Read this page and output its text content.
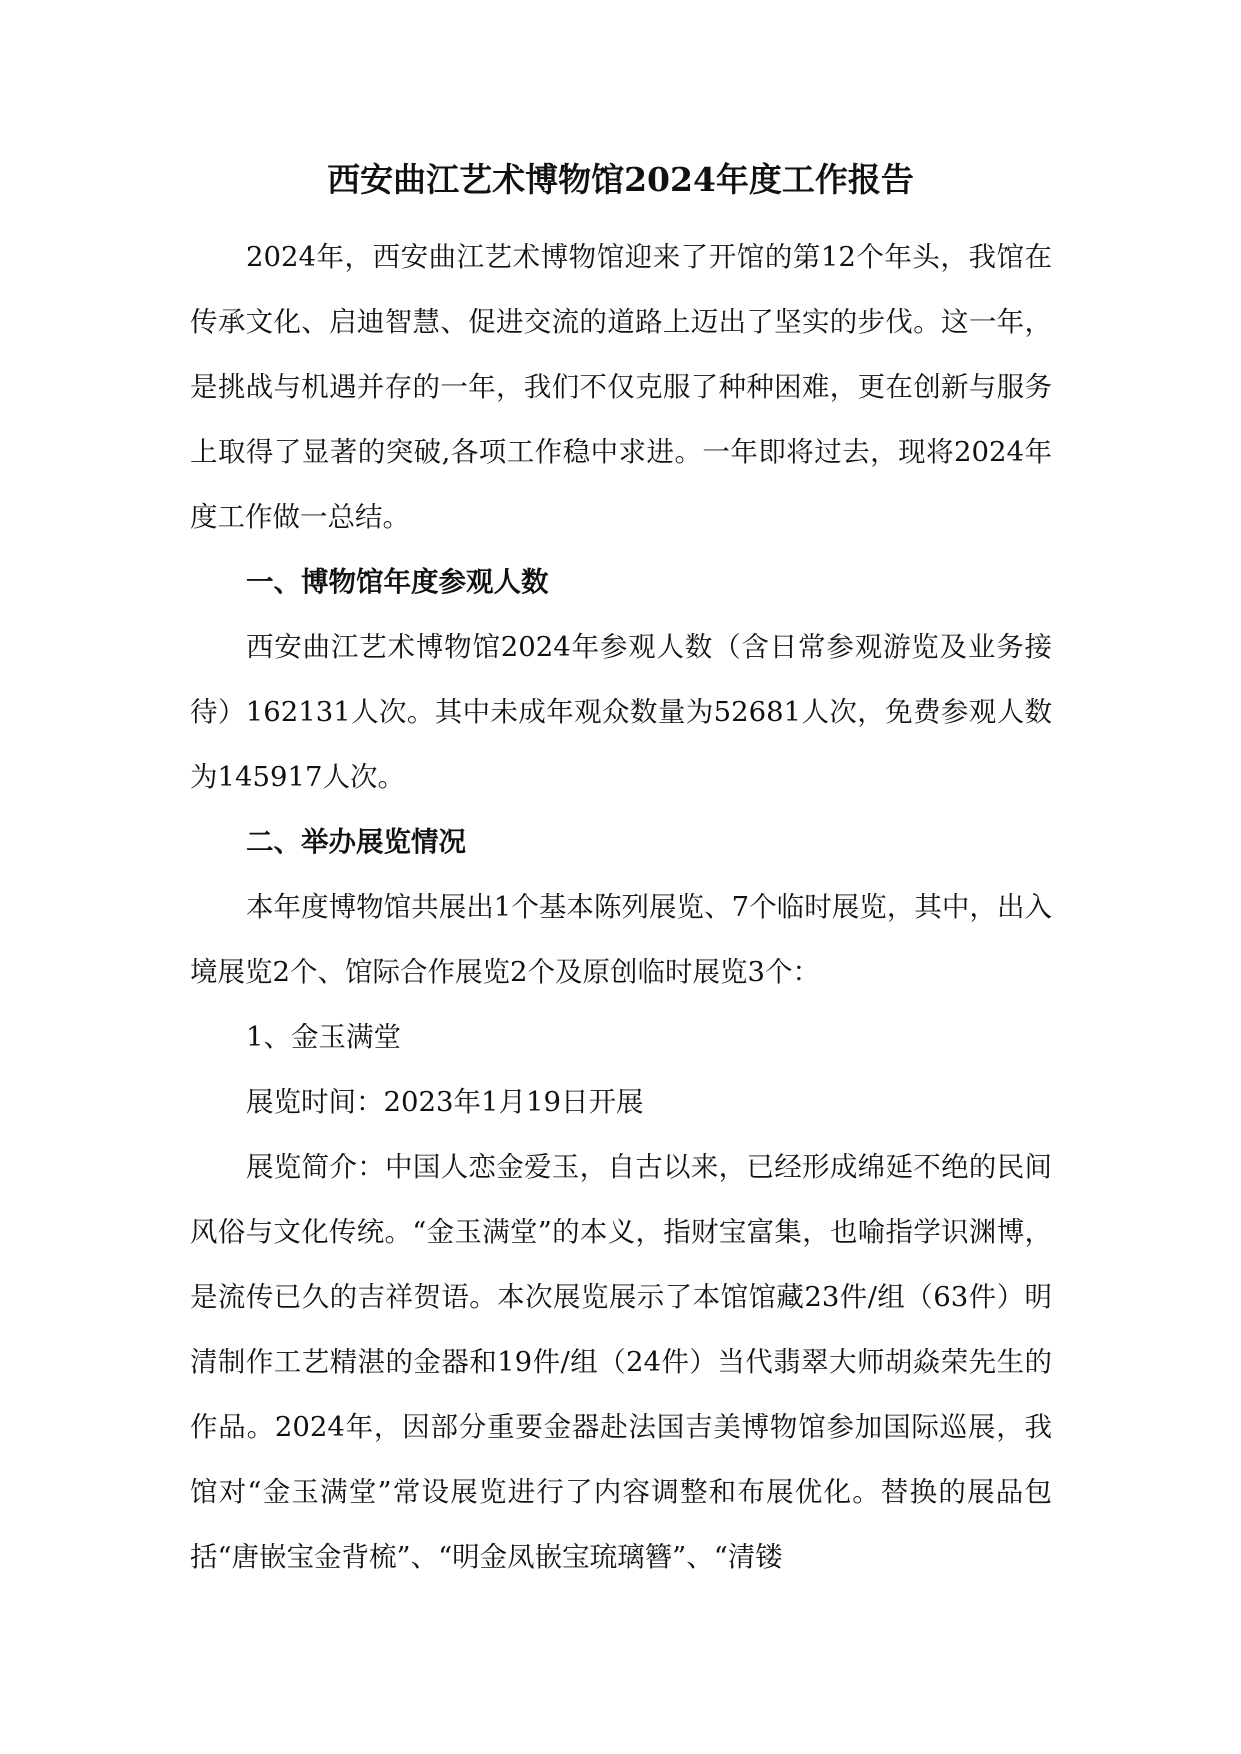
西安曲江艺术博物馆2024年度工作报告

2024年，西安曲江艺术博物馆迎来了开馆的第12个年头，我馆在传承文化、启迪智慧、促进交流的道路上迈出了坚实的步伐。这一年，是挑战与机遇并存的一年，我们不仅克服了种种困难，更在创新与服务上取得了显著的突破,各项工作稳中求进。一年即将过去，现将2024年度工作做一总结。

一、博物馆年度参观人数

西安曲江艺术博物馆2024年参观人数（含日常参观游览及业务接待）162131人次。其中未成年观众数量为52681人次，免费参观人数为145917人次。

二、举办展览情况

本年度博物馆共展出1个基本陈列展览、7个临时展览，其中，出入境展览2个、馆际合作展览2个及原创临时展览3个：

1、金玉满堂

展览时间：2023年1月19日开展

展览简介：中国人恋金爱玉，自古以来，已经形成绵延不绝的民间风俗与文化传统。“金玉满堂”的本义，指财宝富集，也喻指学识渊博，是流传已久的吉祥贺语。本次展览展示了本馆馆藏23件/组（63件）明清制作工艺精湛的金器和19件/组（24件）当代翡翠大师胡焱荣先生的作品。2024年，因部分重要金器赴法国吉美博物馆参加国际巡展，我馆对“金玉满堂”常设展览进行了内容调整和布展优化。替换的展品包括“唐嵌宝金背梳”、“明金凤嵌宝琉璃簪”、“清镂
